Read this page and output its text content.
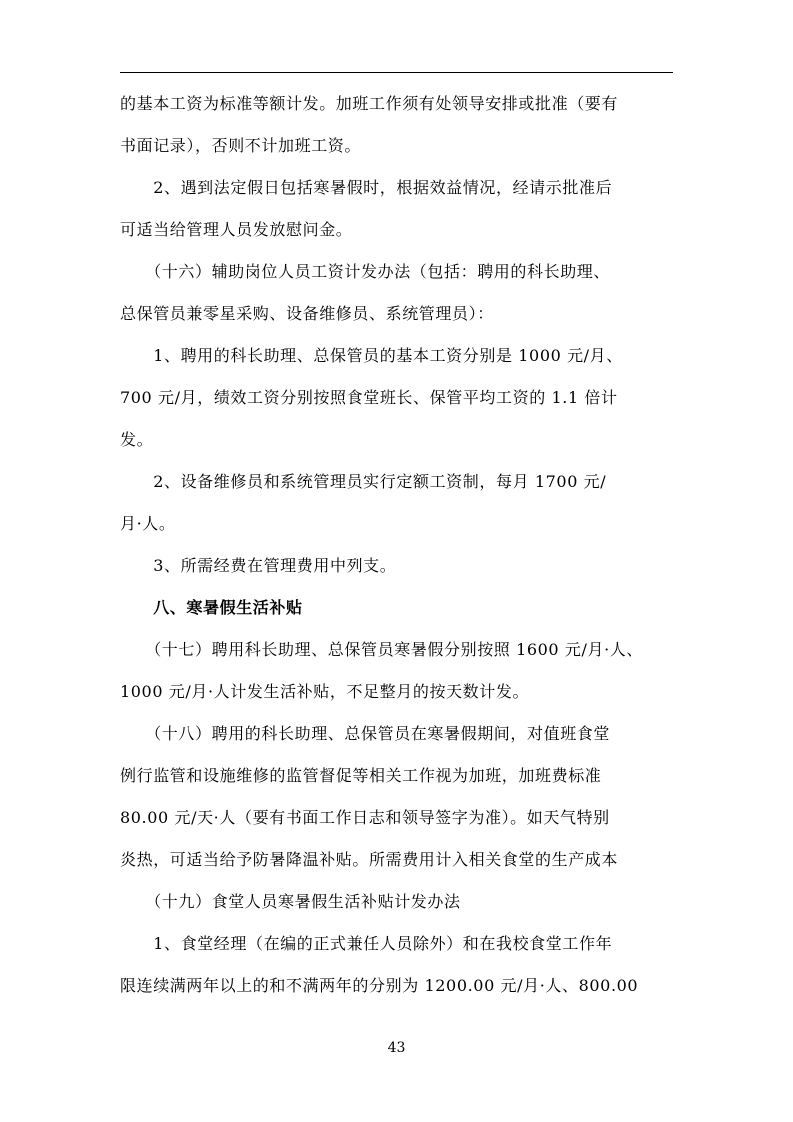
的基本工资为标准等额计发。加班工作须有处领导安排或批准（要有
书面记录），否则不计加班工资。
　　2、遇到法定假日包括寒暑假时，根据效益情况，经请示批准后
可适当给管理人员发放慰问金。
　　（十六）辅助岗位人员工资计发办法（包括：聘用的科长助理、
总保管员兼零星采购、设备维修员、系统管理员）：
　　1、聘用的科长助理、总保管员的基本工资分别是 1000 元/月、
700 元/月，绩效工资分别按照食堂班长、保管平均工资的 1.1 倍计
发。
　　2、设备维修员和系统管理员实行定额工资制，每月 1700 元/
月·人。
　　3、所需经费在管理费用中列支。
　　八、寒暑假生活补贴
　　（十七）聘用科长助理、总保管员寒暑假分别按照 1600 元/月·人、
1000 元/月·人计发生活补贴，不足整月的按天数计发。
　　（十八）聘用的科长助理、总保管员在寒暑假期间，对值班食堂
例行监管和设施维修的监管督促等相关工作视为加班，加班费标准
80.00 元/天·人（要有书面工作日志和领导签字为准）。如天气特别
炎热，可适当给予防暑降温补贴。所需费用计入相关食堂的生产成本
　　（十九）食堂人员寒暑假生活补贴计发办法
　　1、食堂经理（在编的正式兼任人员除外）和在我校食堂工作年
限连续满两年以上的和不满两年的分别为 1200.00 元/月·人、800.00
43
